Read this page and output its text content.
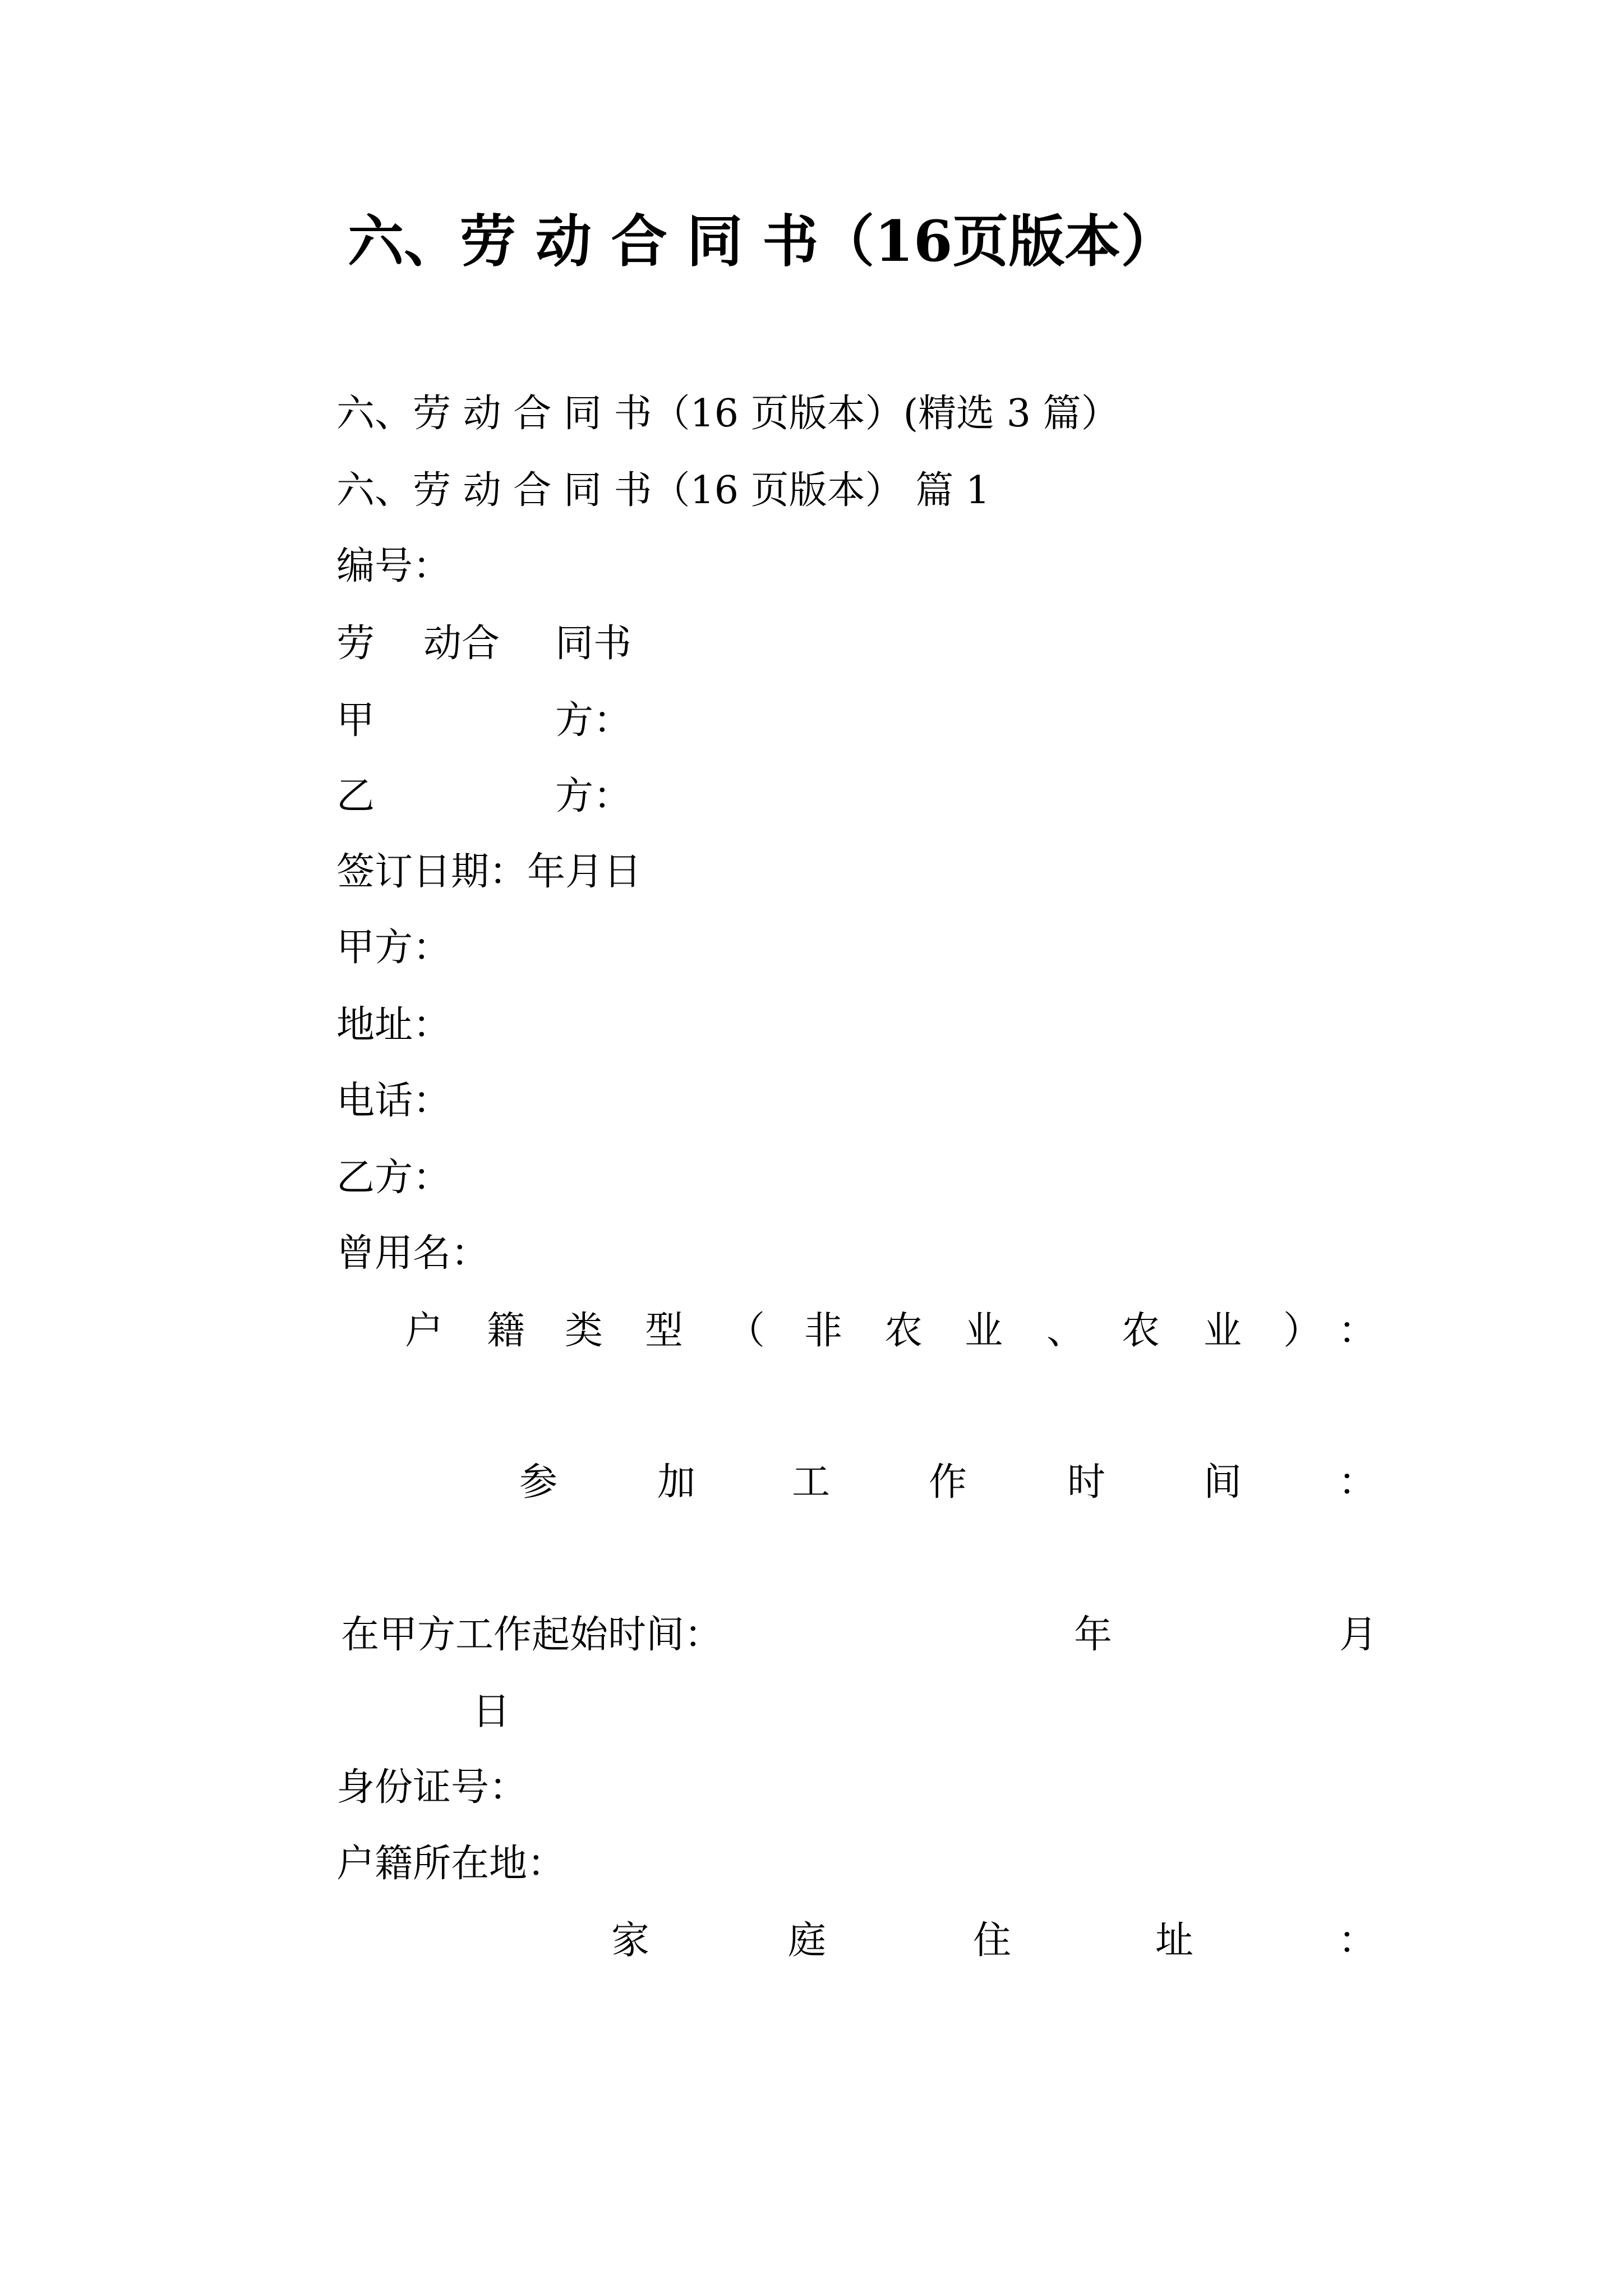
六、劳 动 合 同 书（16页版本）
六、劳 动 合 同 书（16 页版本）(精选 3 篇）
六、劳 动 合 同 书（16 页版本） 篇 1
编号：
劳 动合 同书
甲	方：
乙	方：
签订日期：年月日
甲方：
地址：
电话：
乙方：
曾用名：
户 籍 类 型 （ 非 农 业 、 农 业 ） ：
参	加	工	作	时	间	：
在甲方工作起始时间：	年	月
日
身份证号：
户籍所在地：
家	庭	住	址	：
